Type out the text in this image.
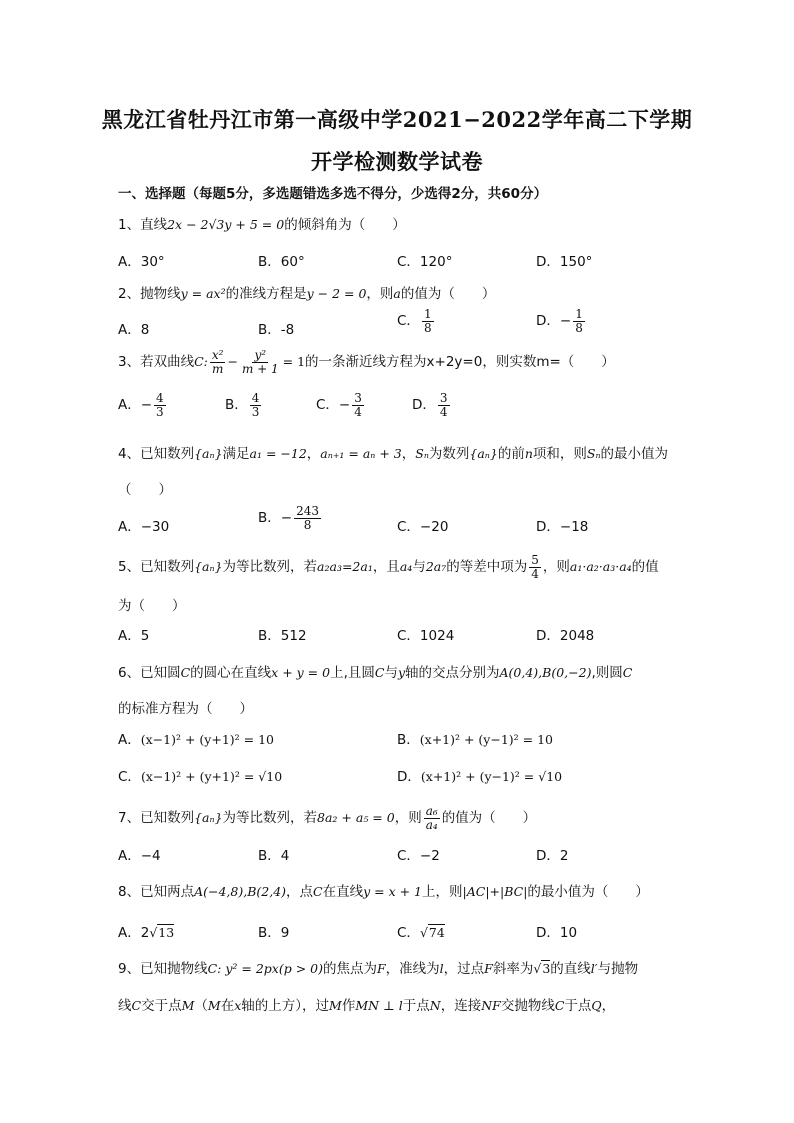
黑龙江省牡丹江市第一高级中学2021−2022学年高二下学期
开学检测数学试卷
一、选择题（每题5分，多选题错选多选不得分，少选得2分，共60分）
1、直线2x − 2√3y + 5 = 0的倾斜角为（　　）
A．30°	B．60°	C．120°	D．150°
2、抛物线y = ax²的准线方程是y − 2 = 0，则a的值为（　　）
A．8	B．-8
C． $\frac{1}{8}$	D．− $\frac{1}{8}$
3、若双曲线C: $\frac{\text{x²}}{m} - \frac{\text{y²}}{m + 1} = 1$的一条渐近线方程为x+2y=0，则实数m=（　　）
A．− $\frac{4}{3}$	B． $\frac{4}{3}$	C．− $\frac{3}{4}$	D． $\frac{3}{4}$
4、已知数列{aₙ}满足a₁ = −12，aₙ₊₁ = aₙ + 3，Sₙ为数列{aₙ}的前n项和，则Sₙ的最小值为
（　　）
A．−30
B．− $\frac{243}{8}$	C．−20	D．−18
5、已知数列{aₙ}为等比数列，若a₂a₃=2a₁，且a₄与2a₇的等差中项为 $\frac{5}{4}$ ，则a₁·a₂·a₃·a₄的值
为（　　）
A．5	B．512	C．1024	D．2048
6、已知圆C的圆心在直线x + y = 0上,且圆C与y轴的交点分别为A(0,4),B(0,−2),则圆C
的标准方程为（　　）
A．(x−1)² + (y+1)² = 10	B．(x+1)² + (y−1)² = 10
C．(x−1)² + (y+1)² = √10	D．(x+1)² + (y−1)² = √10
7、已知数列{aₙ}为等比数列，若8a₂ + a₅ = 0，则 $\frac{\text{a₆}}{\text{a₄}}$ 的值为（　　）
A．−4	B．4	C．−2	D．2
8、已知两点A(−4,8),B(2,4)，点C在直线y = x + 1上，则|AC|+|BC|的最小值为（　　）
A．2√13	B．9	C．√74	D．10
9、已知抛物线C: y² = 2px(p > 0)的焦点为F，准线为l，过点F斜率为√3的直线l′与抛物
线C交于点M（M在x轴的上方），过M作MN ⊥ l于点N，连接NF交抛物线C于点Q，
